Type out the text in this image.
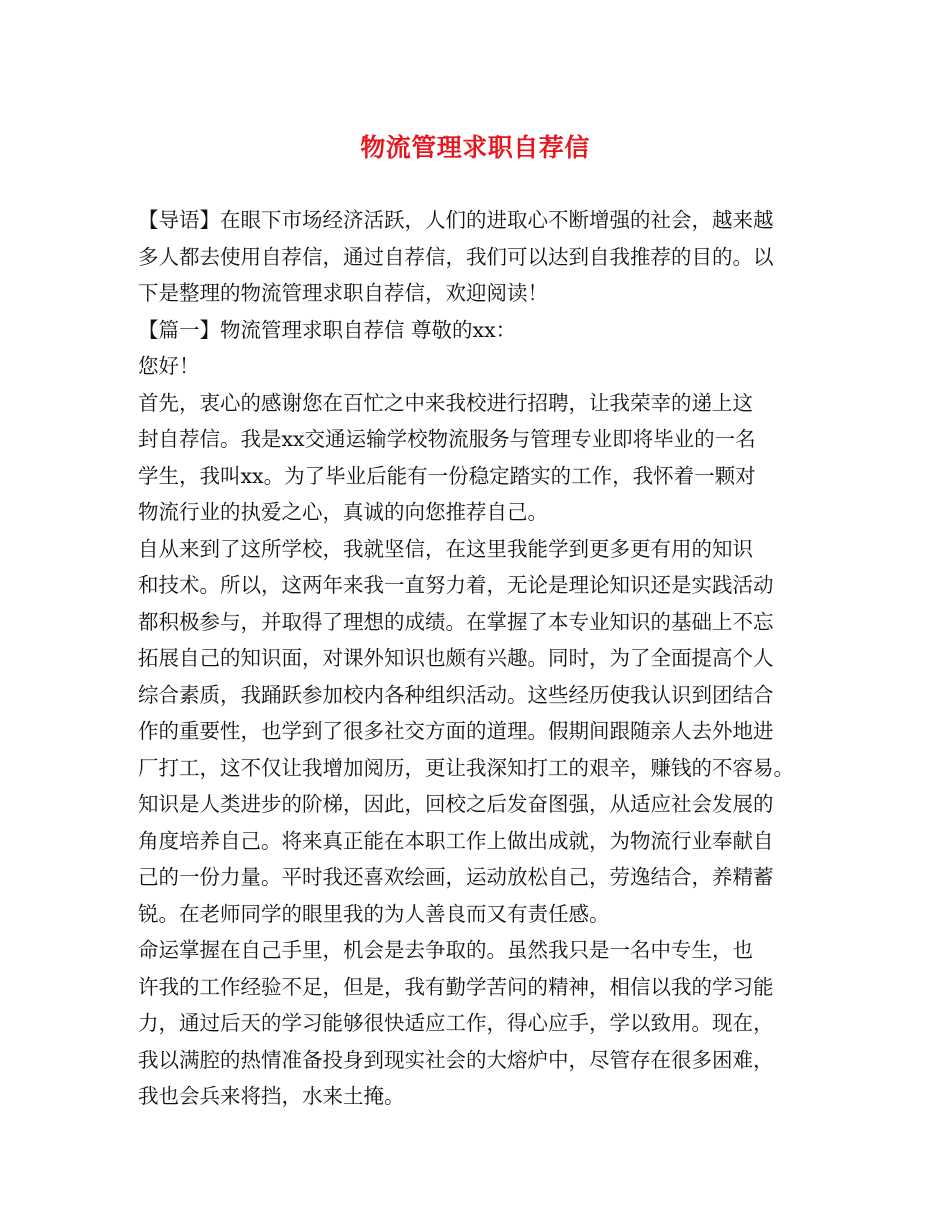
物流管理求职自荐信
【导语】在眼下市场经济活跃，人们的进取心不断增强的社会，越来越
多人都去使用自荐信，通过自荐信，我们可以达到自我推荐的目的。以
下是整理的物流管理求职自荐信，欢迎阅读！
【篇一】物流管理求职自荐信 尊敬的xx：
您好！
首先，衷心的感谢您在百忙之中来我校进行招聘，让我荣幸的递上这
封自荐信。我是xx交通运输学校物流服务与管理专业即将毕业的一名
学生，我叫xx。为了毕业后能有一份稳定踏实的工作，我怀着一颗对
物流行业的执爱之心，真诚的向您推荐自己。
自从来到了这所学校，我就坚信，在这里我能学到更多更有用的知识
和技术。所以，这两年来我一直努力着，无论是理论知识还是实践活动
都积极参与，并取得了理想的成绩。在掌握了本专业知识的基础上不忘
拓展自己的知识面，对课外知识也颇有兴趣。同时，为了全面提高个人
综合素质，我踊跃参加校内各种组织活动。这些经历使我认识到团结合
作的重要性，也学到了很多社交方面的道理。假期间跟随亲人去外地进
厂打工，这不仅让我增加阅历，更让我深知打工的艰辛，赚钱的不容易。
知识是人类进步的阶梯，因此，回校之后发奋图强，从适应社会发展的
角度培养自己。将来真正能在本职工作上做出成就，为物流行业奉献自
己的一份力量。平时我还喜欢绘画，运动放松自己，劳逸结合，养精蓄
锐。在老师同学的眼里我的为人善良而又有责任感。
命运掌握在自己手里，机会是去争取的。虽然我只是一名中专生，也
许我的工作经验不足，但是，我有勤学苦问的精神，相信以我的学习能
力，通过后天的学习能够很快适应工作，得心应手，学以致用。现在，
我以满腔的热情准备投身到现实社会的大熔炉中，尽管存在很多困难，
我也会兵来将挡，水来土掩。
